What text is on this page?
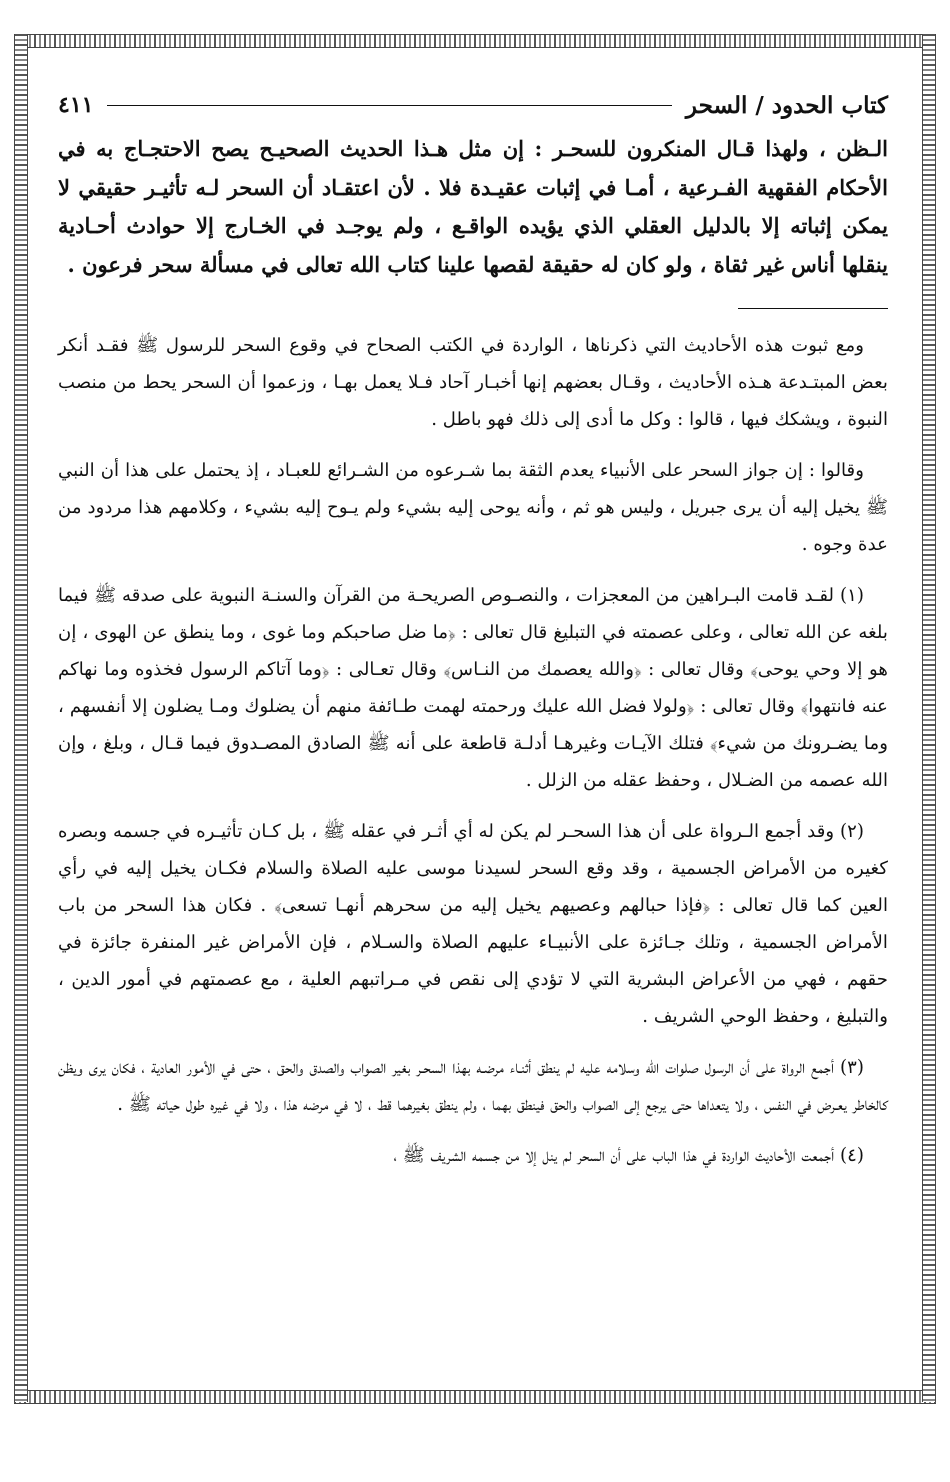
كتاب الحدود / السحر
٤١١

الـظن ، ولهذا قـال المنكرون للسحـر : إن مثل هـذا الحديث الصحيـح يصح الاحتجـاج به في الأحكام الفقهية الفـرعية ، أمـا في إثبات عقيـدة فلا . لأن اعتقـاد أن السحر لـه تأثيـر حقيقي لا يمكن إثباته إلا بالدليل العقلي الذي يؤيده الواقـع ، ولم يوجـد في الخـارج إلا حوادث أحـادية ينقلها أناس غير ثقاة ، ولو كان له حقيقة لقصها علينا كتاب الله تعالى في مسألة سحر فرعون .

ومع ثبوت هذه الأحاديث التي ذكرناها ، الواردة في الكتب الصحاح في وقوع السحر للرسول ﷺ فقـد أنكر بعض المبتـدعة هـذه الأحاديث ، وقـال بعضهم إنها أخبـار آحاد فـلا يعمل بهـا ، وزعموا أن السحر يحط من منصب النبوة ، ويشكك فيها ، قالوا : وكل ما أدى إلى ذلك فهو باطل .

وقالوا : إن جواز السحر على الأنبياء يعدم الثقة بما شـرعوه من الشـرائع للعبـاد ، إذ يحتمل على هذا أن النبي ﷺ يخيل إليه أن يرى جبريل ، وليس هو ثم ، وأنه يوحى إليه بشيء ولم يـوح إليه بشيء ، وكلامهم هذا مردود من عدة وجوه .

(١) لقـد قامت البـراهين من المعجزات ، والنصـوص الصريحـة من القرآن والسنـة النبوية على صدقه ﷺ فيما بلغه عن الله تعالى ، وعلى عصمته في التبليغ قال تعالى : ﴿ما ضل صاحبكم وما غوى ، وما ينطق عن الهوى ، إن هو إلا وحي يوحى﴾ وقال تعالى : ﴿والله يعصمك من النـاس﴾ وقال تعـالى : ﴿وما آتاكم الرسول فخذوه وما نهاكم عنه فانتهوا﴾ وقال تعالى : ﴿ولولا فضل الله عليك ورحمته لهمت طـائفة منهم أن يضلوك ومـا يضلون إلا أنفسهم ، وما يضـرونك من شيء﴾ فتلك الآيـات وغيرهـا أدلـة قاطعة على أنه ﷺ الصادق المصـدوق فيما قـال ، وبلغ ، وإن الله عصمه من الضـلال ، وحفظ عقله من الزلل .

(٢) وقد أجمع الـرواة على أن هذا السحـر لم يكن له أي أثـر في عقله ﷺ ، بل كـان تأثيـره في جسمه وبصره كغيره من الأمراض الجسمية ، وقد وقع السحر لسيدنا موسى عليه الصلاة والسلام فكـان يخيل إليه في رأي العين كما قال تعالى : ﴿فإذا حبالهم وعصيهم يخيل إليه من سحرهم أنهـا تسعى﴾ . فكان هذا السحر من باب الأمراض الجسمية ، وتلك جـائزة على الأنبيـاء عليهم الصلاة والسـلام ، فإن الأمراض غير المنفرة جائزة في حقهم ، فهي من الأعراض البشرية التي لا تؤدي إلى نقص في مـراتبهم العلية ، مع عصمتهم في أمور الدين ، والتبليغ ، وحفظ الوحي الشريف .

(٣) أجمع الرواة على أن الرسول صلوات الله وسلامه عليه لم ينطق أثنـاء مرضـه بهذا السحـر بغير الصواب والصدق والحق ، حتى في الأمور العادية ، فكان يرى ويظن كالخاطر يعـرض في النفس ، ولا يتعداها حتى يرجع إلى الصواب والحق فينطق بهما ، ولم ينطق بغيرهما قط ، لا في مرضه هذا ، ولا في غيره طول حياته ﷺ .

(٤) أجمعت الأحاديث الواردة في هذا الباب على أن السحر لم ينل إلا من جسمه الشريف ﷺ ،
